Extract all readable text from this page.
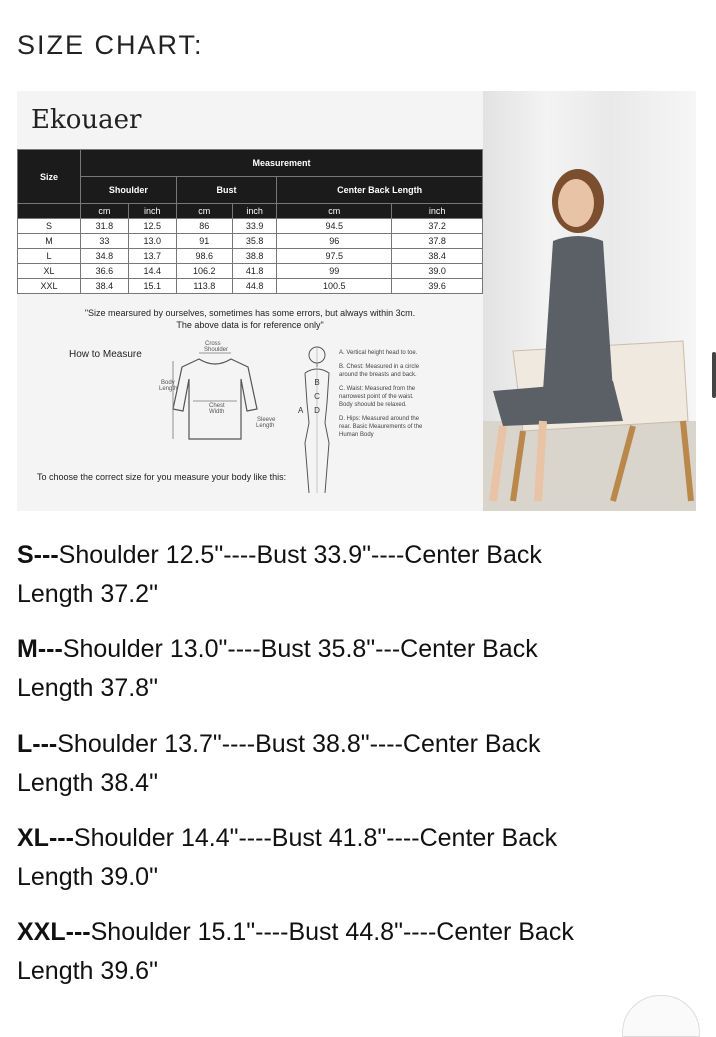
SIZE CHART:
Ekouaer
Size	Measurement					
	Shoulder		Bust		Center Back Length	
	cm	inch	cm	inch	cm	inch
S	31.8	12.5	86	33.9	94.5	37.2
M	33	13.0	91	35.8	96	37.8
L	34.8	13.7	98.6	38.8	97.5	38.4
XL	36.6	14.4	106.2	41.8	99	39.0
XXL	38.4	15.1	113.8	44.8	100.5	39.6
"Size mearsured by ourselves, sometimes has some errors, but always within 3cm.
The above data is for reference only"
How to Measure
Cross
Shoulder
Body
Length
Chest
Width
Sleeve
Length
B
C
D
A
A. Vertical height head to toe.
B. Chest: Measured in a circle around the breasts and back.
C. Waist: Measured from the narrowest point of the waist. Body shoould be relaxed.
D. Hips: Measured around the rear. Basic Meaurements of the Human Body
To choose the correct size for you measure your body like this:
S---Shoulder 12.5"----Bust 33.9"----Center Back
Length 37.2"
M---Shoulder 13.0"----Bust 35.8"---Center Back
Length 37.8"
L---Shoulder 13.7"----Bust 38.8"----Center Back
Length 38.4"
XL---Shoulder 14.4"----Bust 41.8"----Center Back
Length 39.0"
XXL---Shoulder 15.1"----Bust 44.8"----Center Back
Length 39.6"
